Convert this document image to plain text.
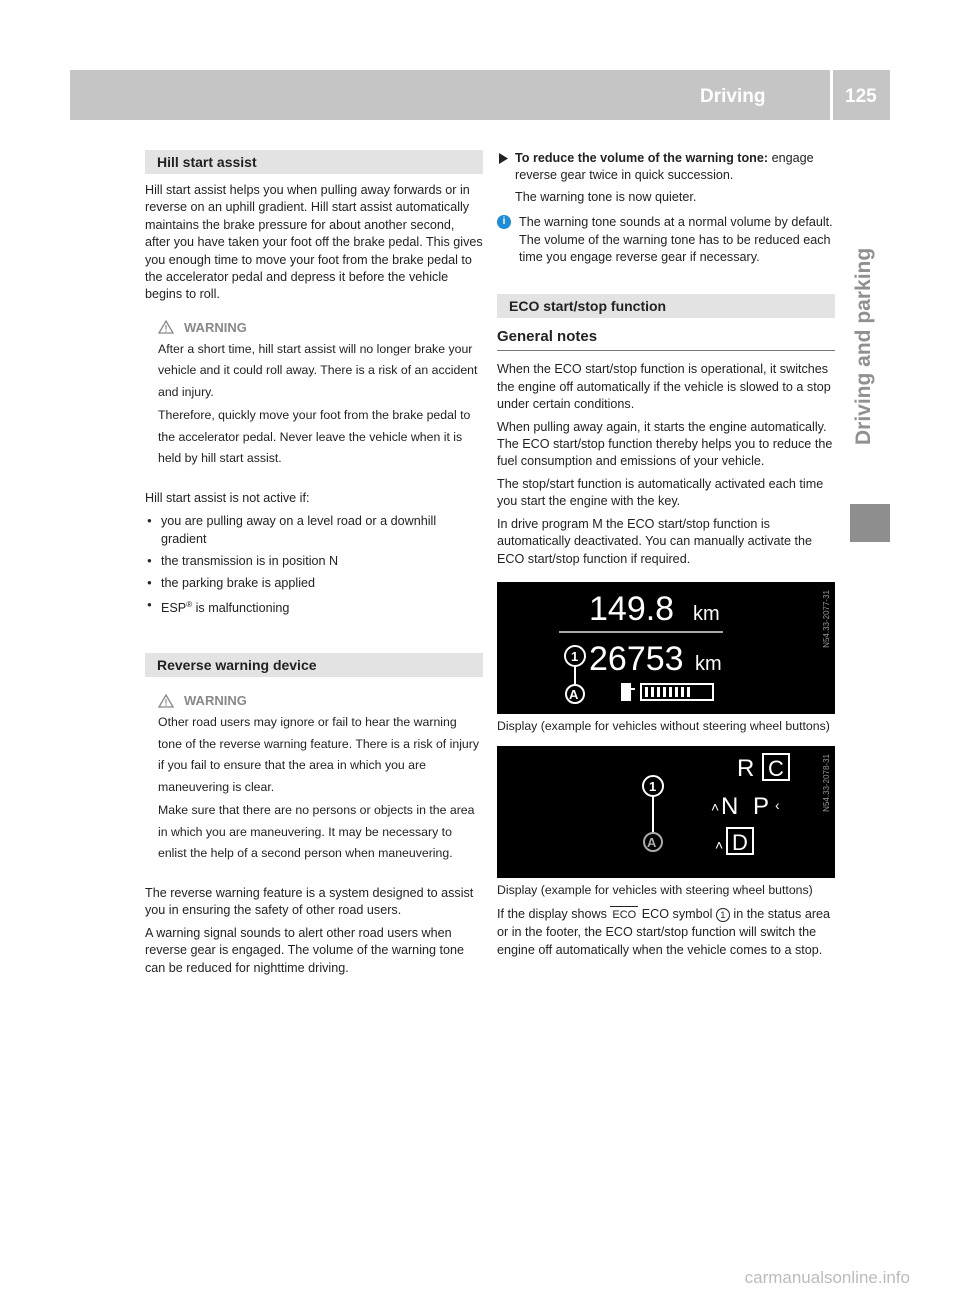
Driving	125
Driving and parking
Hill start assist

Hill start assist helps you when pulling away forwards or in reverse on an uphill gradient. Hill start assist automatically maintains the brake pressure for about another second, after you have taken your foot off the brake pedal. This gives you enough time to move your foot from the brake pedal to the accelerator pedal and depress it before the vehicle begins to roll.

WARNING

After a short time, hill start assist will no longer brake your vehicle and it could roll away. There is a risk of an accident and injury.

Therefore, quickly move your foot from the brake pedal to the accelerator pedal. Never leave the vehicle when it is held by hill start assist.

Hill start assist is not active if:

● you are pulling away on a level road or a downhill gradient
● the transmission is in position N
● the parking brake is applied
● ESP® is malfunctioning
Reverse warning device
WARNING

Other road users may ignore or fail to hear the warning tone of the reverse warning feature. There is a risk of injury if you fail to ensure that the area in which you are maneuvering is clear.

Make sure that there are no persons or objects in the area in which you are maneuvering. It may be necessary to enlist the help of a second person when maneuvering.

The reverse warning feature is a system designed to assist you in ensuring the safety of other road users.

A warning signal sounds to alert other road users when reverse gear is engaged. The volume of the warning tone can be reduced for nighttime driving.

To reduce the volume of the warning tone: engage reverse gear twice in quick succession.

The warning tone is now quieter.

i	The warning tone sounds at a normal volume by default. The volume of the warning tone has to be reduced each time you engage reverse gear if necessary.

ECO start/stop function
General notes

When the ECO start/stop function is operational, it switches the engine off automatically if the vehicle is slowed to a stop under certain conditions.

When pulling away again, it starts the engine automatically. The ECO start/stop function thereby helps you to reduce the fuel consumption and emissions of your vehicle.

The stop/start function is automatically activated each time you start the engine with the key.

In drive program M the ECO start/stop function is automatically deactivated. You can manually activate the ECO start/stop function if required.

149.8 km
26753 km
1
A
N54.33-2077-31
Display (example for vehicles without steering wheel buttons)
R C
˄ N P ‹
˄ D
1
A
N54.33-2078-31
Display (example for vehicles with steering wheel buttons)

If the display shows ECO ECO symbol 1 in the status area or in the footer, the ECO start/stop function will switch the engine off automatically when the vehicle comes to a stop.

carmanualsonline.info
